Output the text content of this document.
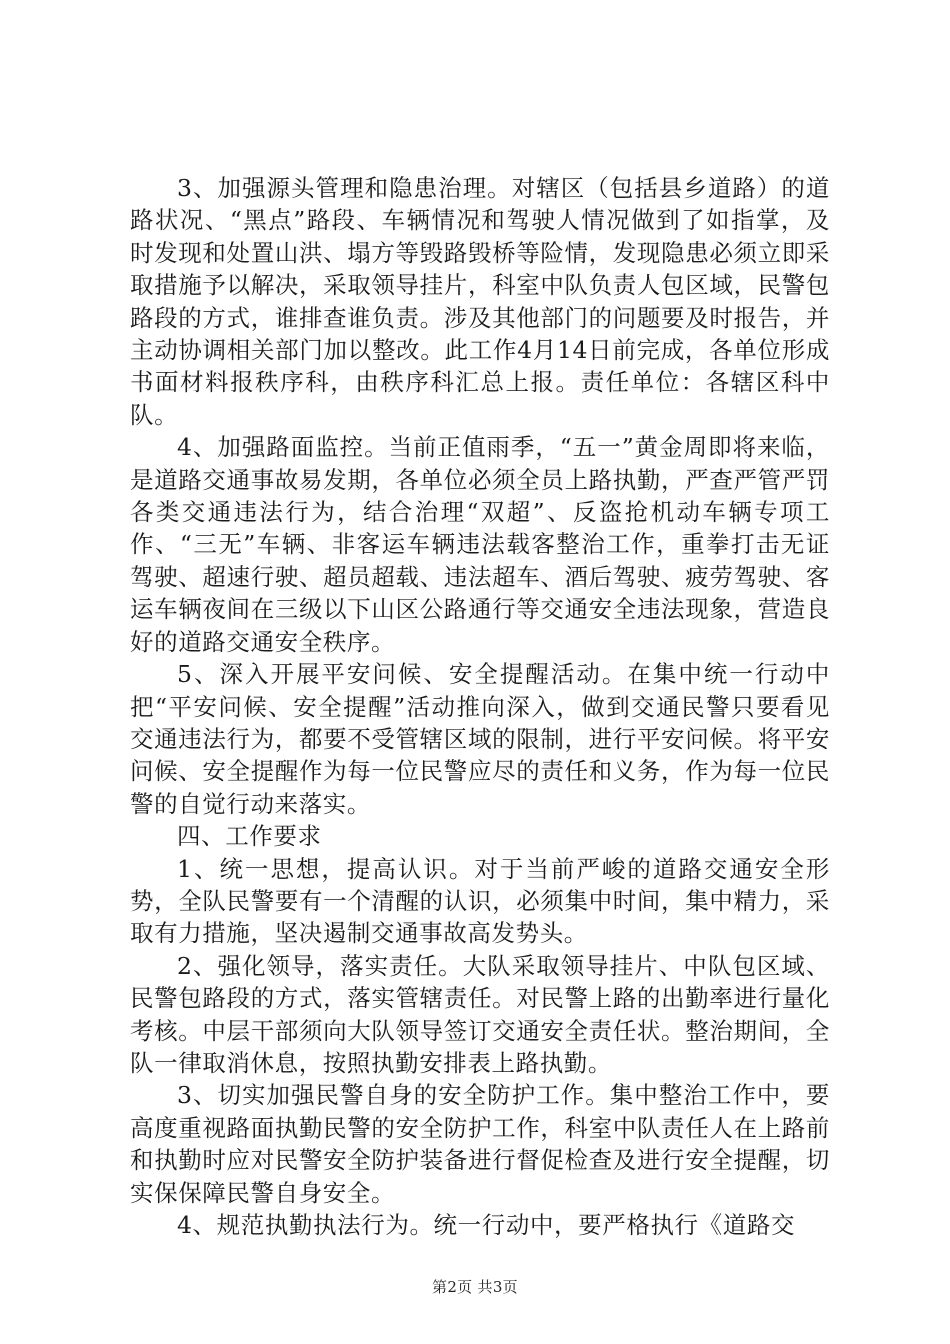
3、加强源头管理和隐患治理。对辖区（包括县乡道路）的道路状况、“黑点”路段、车辆情况和驾驶人情况做到了如指掌，及时发现和处置山洪、塌方等毁路毁桥等险情，发现隐患必须立即采取措施予以解决，采取领导挂片，科室中队负责人包区域，民警包路段的方式，谁排查谁负责。涉及其他部门的问题要及时报告，并主动协调相关部门加以整改。此工作4月14日前完成，各单位形成书面材料报秩序科，由秩序科汇总上报。责任单位：各辖区科中队。

4、加强路面监控。当前正值雨季，“五一”黄金周即将来临，是道路交通事故易发期，各单位必须全员上路执勤，严查严管严罚各类交通违法行为，结合治理“双超”、反盗抢机动车辆专项工作、“三无”车辆、非客运车辆违法载客整治工作，重拳打击无证驾驶、超速行驶、超员超载、违法超车、酒后驾驶、疲劳驾驶、客运车辆夜间在三级以下山区公路通行等交通安全违法现象，营造良好的道路交通安全秩序。

5、深入开展平安问候、安全提醒活动。在集中统一行动中把“平安问候、安全提醒”活动推向深入，做到交通民警只要看见交通违法行为，都要不受管辖区域的限制，进行平安问候。将平安问候、安全提醒作为每一位民警应尽的责任和义务，作为每一位民警的自觉行动来落实。

四、工作要求

1、统一思想，提高认识。对于当前严峻的道路交通安全形势，全队民警要有一个清醒的认识，必须集中时间，集中精力，采取有力措施，坚决遏制交通事故高发势头。

2、强化领导，落实责任。大队采取领导挂片、中队包区域、民警包路段的方式，落实管辖责任。对民警上路的出勤率进行量化考核。中层干部须向大队领导签订交通安全责任状。整治期间，全队一律取消休息，按照执勤安排表上路执勤。

3、切实加强民警自身的安全防护工作。集中整治工作中，要高度重视路面执勤民警的安全防护工作，科室中队责任人在上路前和执勤时应对民警安全防护装备进行督促检查及进行安全提醒，切实保保障民警自身安全。

4、规范执勤执法行为。统一行动中，要严格执行《道路交

第2页 共3页
